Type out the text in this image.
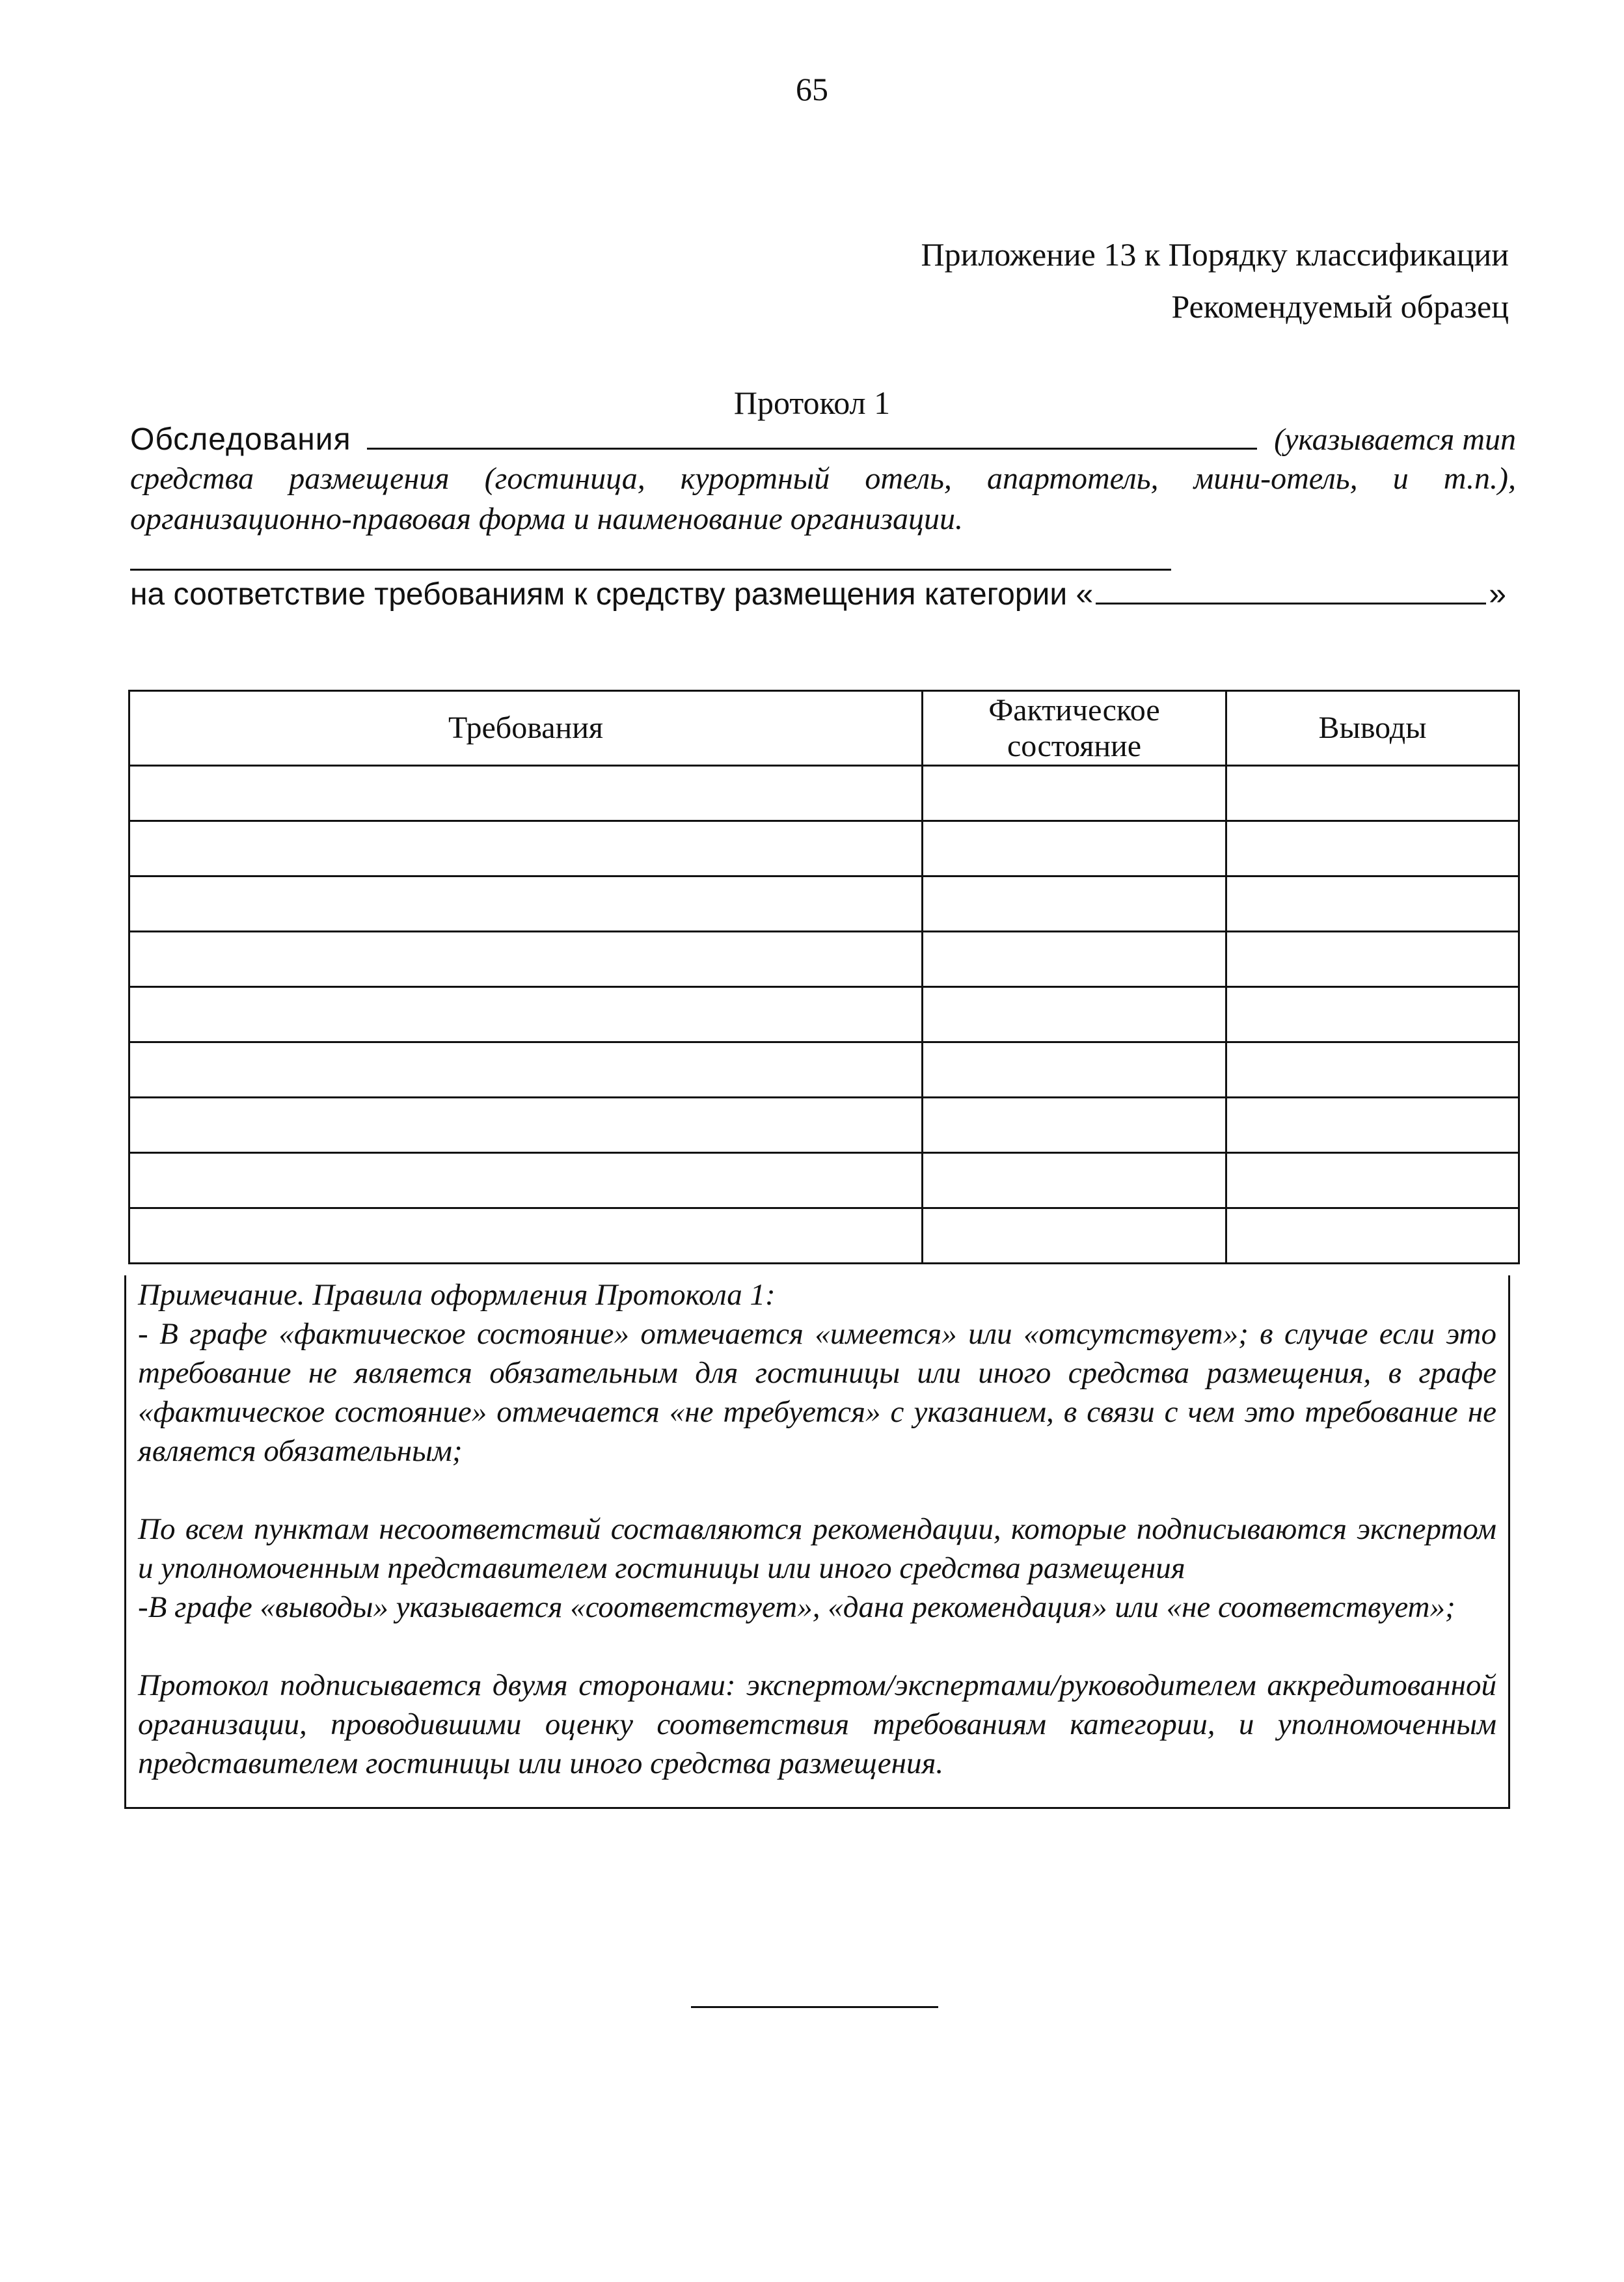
65
Приложение 13 к Порядку классификации
Рекомендуемый образец
Протокол 1
Обследования	(указывается тип
средства размещения (гостиница, курортный отель, апартотель, мини-отель, и т.п.),
организационно-правовая форма и наименование организации.
на соответствие требованиям к средству размещения категории «	»
Требования	Фактическое состояние	Выводы

Примечание. Правила оформления Протокола 1:

- В графе «фактическое состояние» отмечается «имеется» или «отсутствует»; в случае если это требование не является обязательным для гостиницы или иного средства размещения, в графе «фактическое состояние» отмечается «не требуется» с указанием, в связи с чем это требование не является обязательным;

По всем пунктам несоответствий составляются рекомендации, которые подписываются экспертом и уполномоченным представителем гостиницы или иного средства размещения

-В графе «выводы» указывается «соответствует», «дана рекомендация» или «не соответствует»;

Протокол подписывается двумя сторонами: экспертом/экспертами/руководителем аккредитованной организации, проводившими оценку соответствия требованиям категории, и уполномоченным представителем гостиницы или иного средства размещения.
